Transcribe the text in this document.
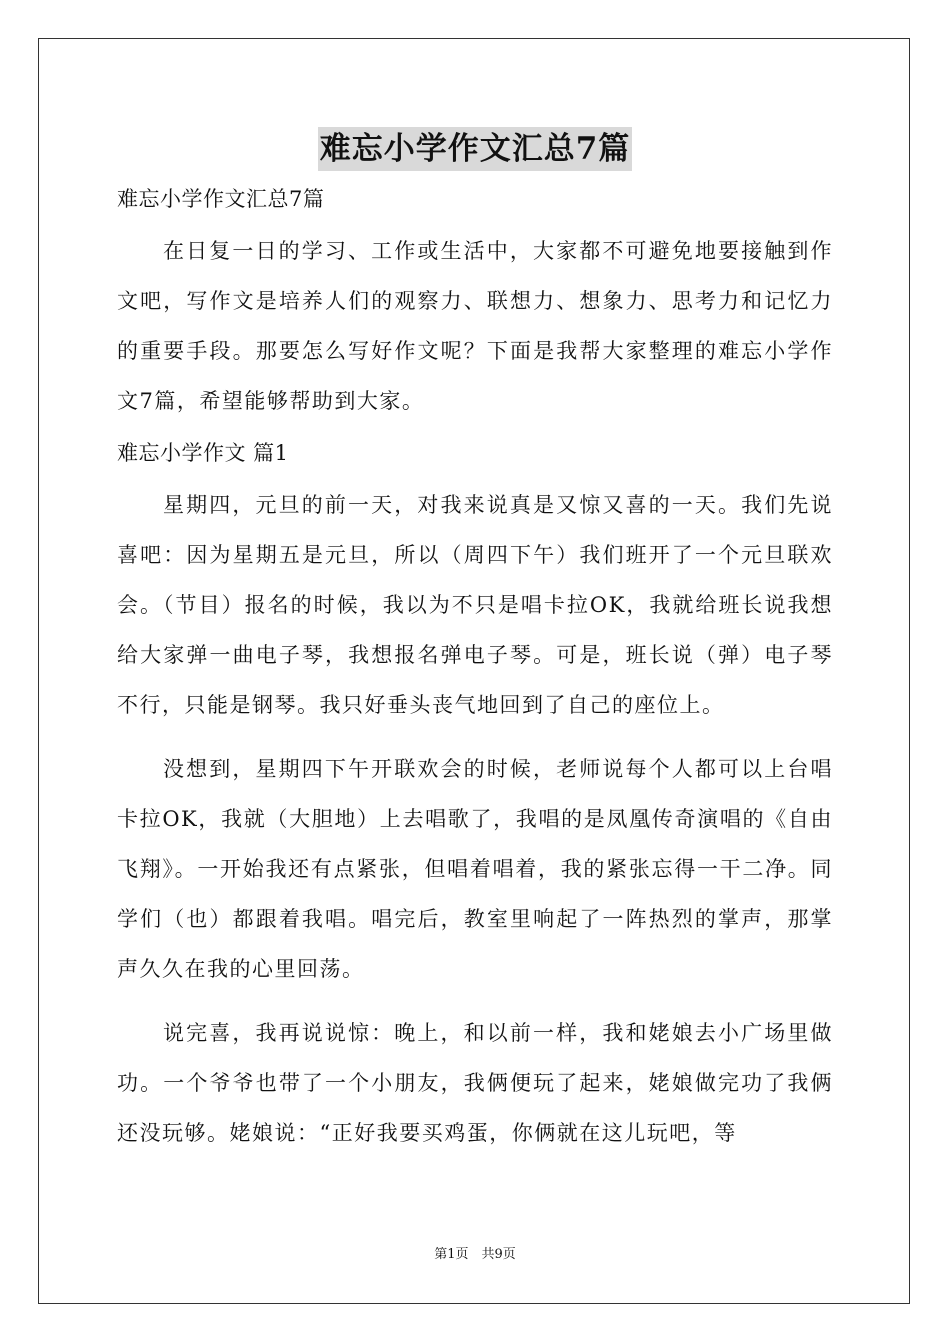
难忘小学作文汇总7篇

难忘小学作文汇总7篇

在日复一日的学习、工作或生活中，大家都不可避免地要接触到作文吧，写作文是培养人们的观察力、联想力、想象力、思考力和记忆力的重要手段。那要怎么写好作文呢？下面是我帮大家整理的难忘小学作文7篇，希望能够帮助到大家。

难忘小学作文 篇1

星期四，元旦的前一天，对我来说真是又惊又喜的一天。我们先说喜吧：因为星期五是元旦，所以（周四下午）我们班开了一个元旦联欢会。（节目）报名的时候，我以为不只是唱卡拉OK，我就给班长说我想给大家弹一曲电子琴，我想报名弹电子琴。可是，班长说（弹）电子琴不行，只能是钢琴。我只好垂头丧气地回到了自己的座位上。

没想到，星期四下午开联欢会的时候，老师说每个人都可以上台唱卡拉OK，我就（大胆地）上去唱歌了，我唱的是凤凰传奇演唱的《自由飞翔》。一开始我还有点紧张，但唱着唱着，我的紧张忘得一干二净。同学们（也）都跟着我唱。唱完后，教室里响起了一阵热烈的掌声，那掌声久久在我的心里回荡。

说完喜，我再说说惊：晚上，和以前一样，我和姥娘去小广场里做功。一个爷爷也带了一个小朋友，我俩便玩了起来，姥娘做完功了我俩还没玩够。姥娘说：“正好我要买鸡蛋，你俩就在这儿玩吧，等

第1页　共9页
